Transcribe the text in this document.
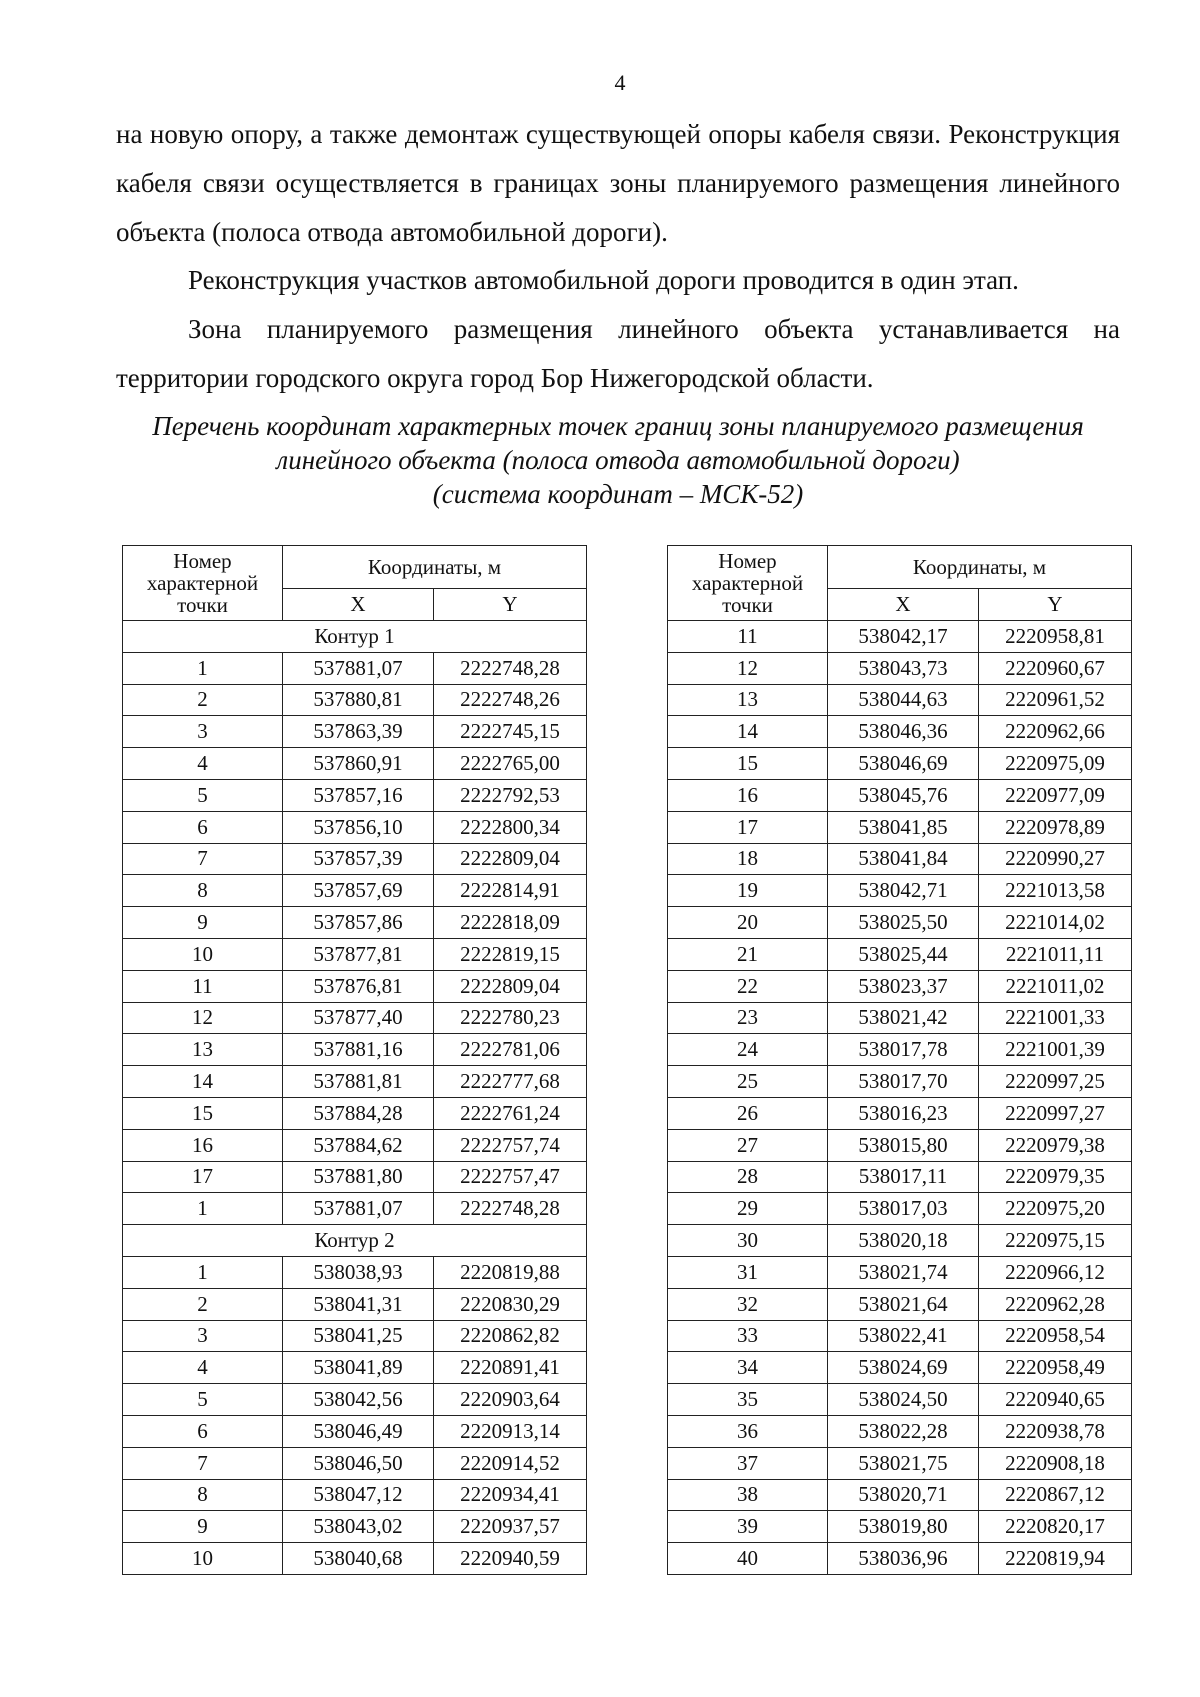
4
на новую опору, а также демонтаж существующей опоры кабеля связи. Реконструкция кабеля связи осуществляется в границах зоны планируемого размещения линейного объекта (полоса отвода автомобильной дороги).
Реконструкция участков автомобильной дороги проводится в один этап.
Зона планируемого размещения линейного объекта устанавливается на территории городского округа город Бор Нижегородской области.
Перечень координат характерных точек границ зоны планируемого размещения
линейного объекта (полоса отвода автомобильной дороги)
(система координат – МСК-52)
Номер характерной точки	Координаты, м	
	X	Y
Контур 1		
1	537881,07	2222748,28
2	537880,81	2222748,26
3	537863,39	2222745,15
4	537860,91	2222765,00
5	537857,16	2222792,53
6	537856,10	2222800,34
7	537857,39	2222809,04
8	537857,69	2222814,91
9	537857,86	2222818,09
10	537877,81	2222819,15
11	537876,81	2222809,04
12	537877,40	2222780,23
13	537881,16	2222781,06
14	537881,81	2222777,68
15	537884,28	2222761,24
16	537884,62	2222757,74
17	537881,80	2222757,47
1	537881,07	2222748,28
Контур 2		
1	538038,93	2220819,88
2	538041,31	2220830,29
3	538041,25	2220862,82
4	538041,89	2220891,41
5	538042,56	2220903,64
6	538046,49	2220913,14
7	538046,50	2220914,52
8	538047,12	2220934,41
9	538043,02	2220937,57
10	538040,68	2220940,59
Номер характерной точки	Координаты, м	
	X	Y
11	538042,17	2220958,81
12	538043,73	2220960,67
13	538044,63	2220961,52
14	538046,36	2220962,66
15	538046,69	2220975,09
16	538045,76	2220977,09
17	538041,85	2220978,89
18	538041,84	2220990,27
19	538042,71	2221013,58
20	538025,50	2221014,02
21	538025,44	2221011,11
22	538023,37	2221011,02
23	538021,42	2221001,33
24	538017,78	2221001,39
25	538017,70	2220997,25
26	538016,23	2220997,27
27	538015,80	2220979,38
28	538017,11	2220979,35
29	538017,03	2220975,20
30	538020,18	2220975,15
31	538021,74	2220966,12
32	538021,64	2220962,28
33	538022,41	2220958,54
34	538024,69	2220958,49
35	538024,50	2220940,65
36	538022,28	2220938,78
37	538021,75	2220908,18
38	538020,71	2220867,12
39	538019,80	2220820,17
40	538036,96	2220819,94
